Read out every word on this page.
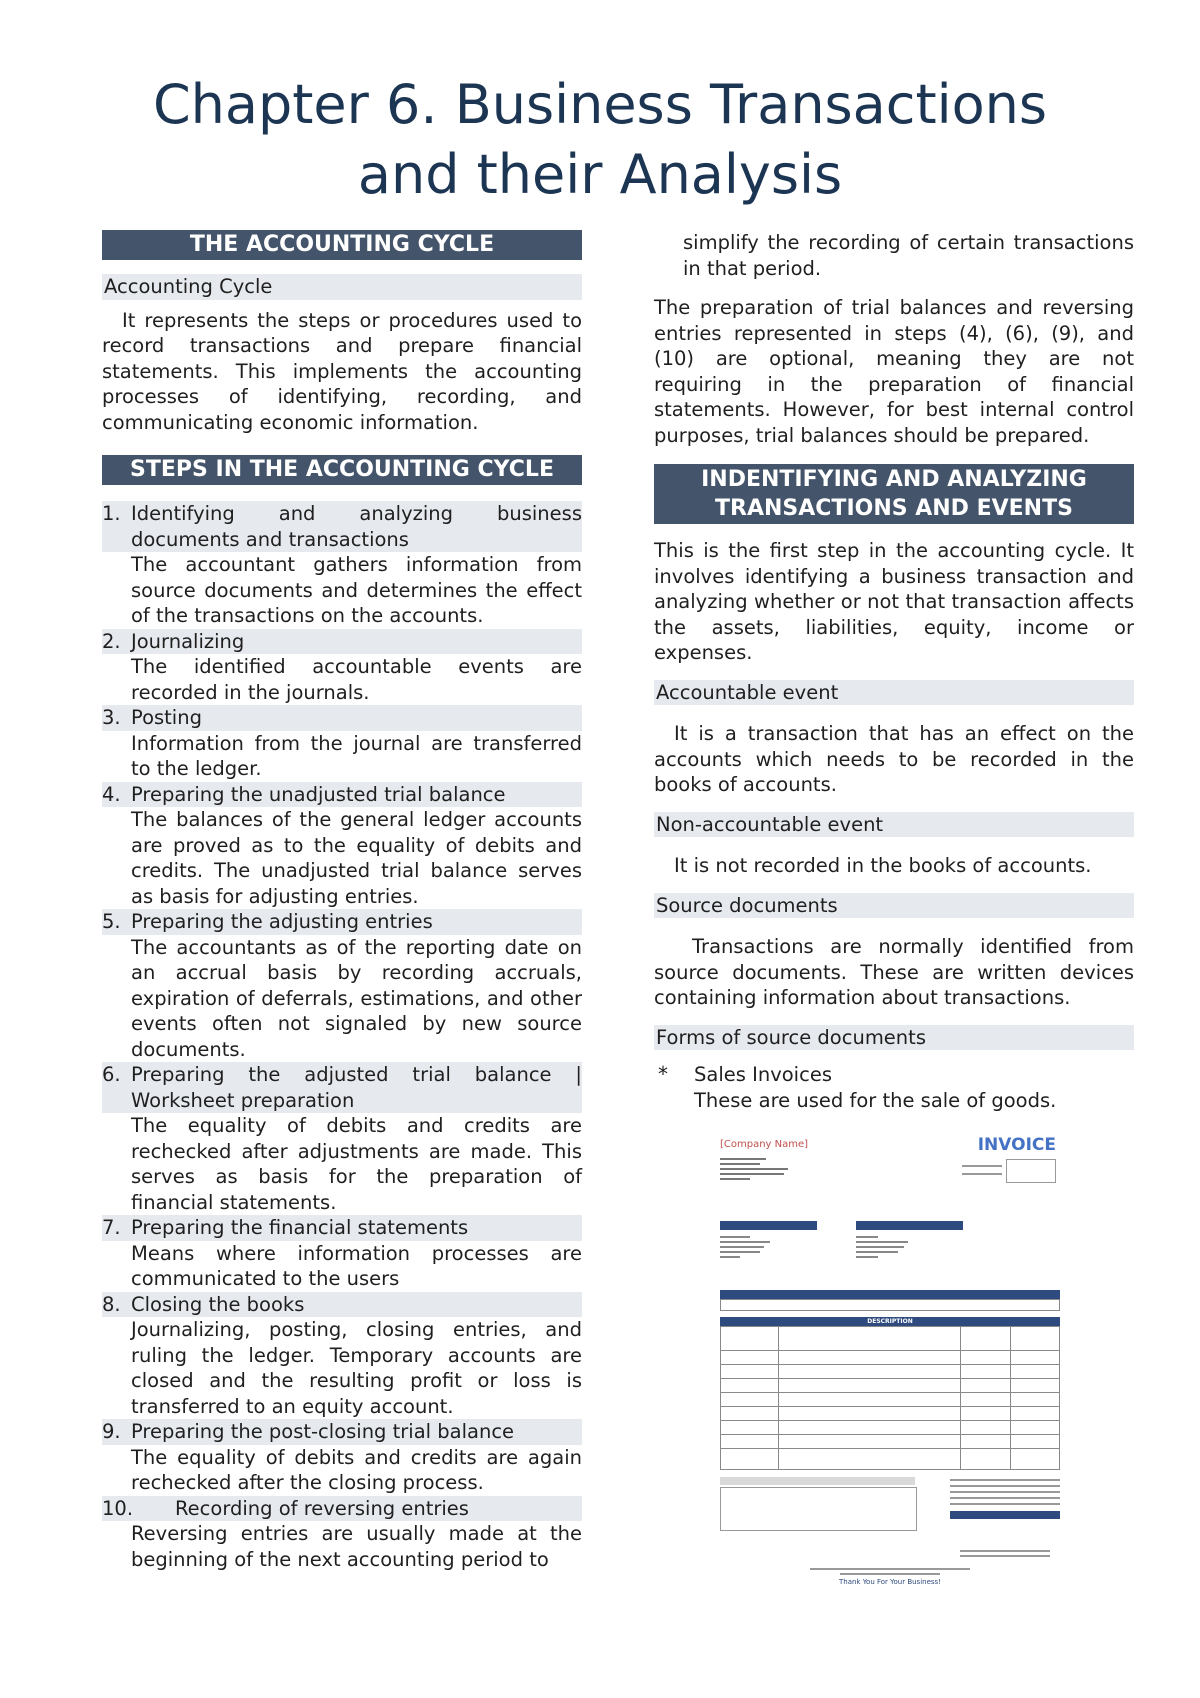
Chapter 6. Business Transactions
and their Analysis
THE ACCOUNTING CYCLE
Accounting Cycle

It represents the steps or procedures used to record transactions and prepare financial statements. This implements the accounting processes of identifying, recording, and communicating economic information.

STEPS IN THE ACCOUNTING CYCLE
1. Identifying and analyzing business documents and transactions
The accountant gathers information from source documents and determines the effect of the transactions on the accounts.
2. Journalizing
The identified accountable events are recorded in the journals.
3. Posting
Information from the journal are transferred to the ledger.
4. Preparing the unadjusted trial balance
The balances of the general ledger accounts are proved as to the equality of debits and credits. The unadjusted trial balance serves as basis for adjusting entries.
5. Preparing the adjusting entries
The accountants as of the reporting date on an accrual basis by recording accruals, expiration of deferrals, estimations, and other events often not signaled by new source documents.
6. Preparing the adjusted trial balance | Worksheet preparation
The equality of debits and credits are rechecked after adjustments are made. This serves as basis for the preparation of financial statements.
7. Preparing the financial statements
Means where information processes are communicated to the users
8. Closing the books
Journalizing, posting, closing entries, and ruling the ledger. Temporary accounts are closed and the resulting profit or loss is transferred to an equity account.
9. Preparing the post-closing trial balance
The equality of debits and credits are again rechecked after the closing process.
10.	Recording of reversing entries
Reversing entries are usually made at the beginning of the next accounting period to

simplify the recording of certain transactions in that period.

The preparation of trial balances and reversing entries represented in steps (4), (6), (9), and (10) are optional, meaning they are not requiring in the preparation of financial statements. However, for best internal control purposes, trial balances should be prepared.

INDENTIFYING AND ANALYZING TRANSACTIONS AND EVENTS

This is the first step in the accounting cycle. It involves identifying a business transaction and analyzing whether or not that transaction affects the assets, liabilities, equity, income or expenses.

Accountable event

It is a transaction that has an effect on the accounts which needs to be recorded in the books of accounts.

Non-accountable event

It is not recorded in the books of accounts.

Source documents

Transactions are normally identified from source documents. These are written devices containing information about transactions.

Forms of source documents
*	Sales Invoices
These are used for the sale of goods.
[Company Name]	INVOICE
DESCRIPTION
Thank You For Your Business!
